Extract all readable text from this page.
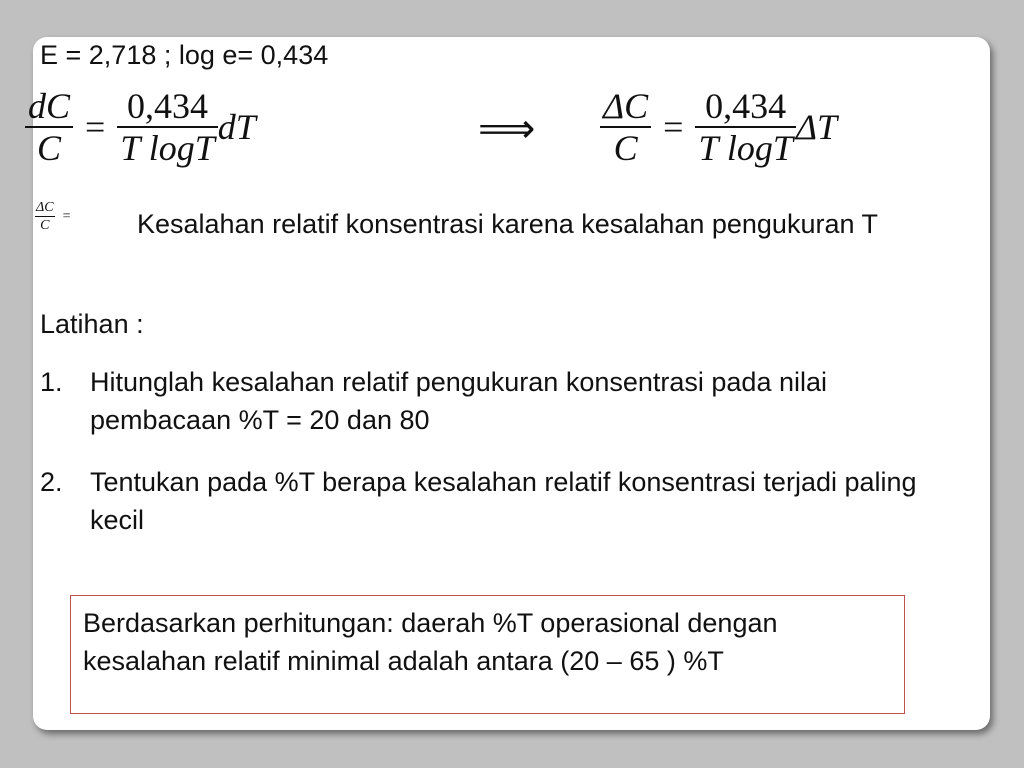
E = 2,718 ; log e= 0,434
$\frac{dC}{C} = \frac{0,434}{\text{T logT}}$ dT	⟹ $\frac{\Delta C}{C} = \frac{0,434}{\text{T logT}}$ ΔT
$\frac{\Delta C}{C}$ = Kesalahan relatif konsentrasi karena kesalahan pengukuran T
Latihan :
1.	Hitunglah kesalahan relatif pengukuran konsentrasi pada nilai pembacaan %T = 20 dan 80
2.	Tentukan pada %T berapa kesalahan relatif konsentrasi terjadi paling kecil
Berdasarkan perhitungan: daerah %T operasional dengan kesalahan relatif minimal adalah antara (20 – 65 ) %T
